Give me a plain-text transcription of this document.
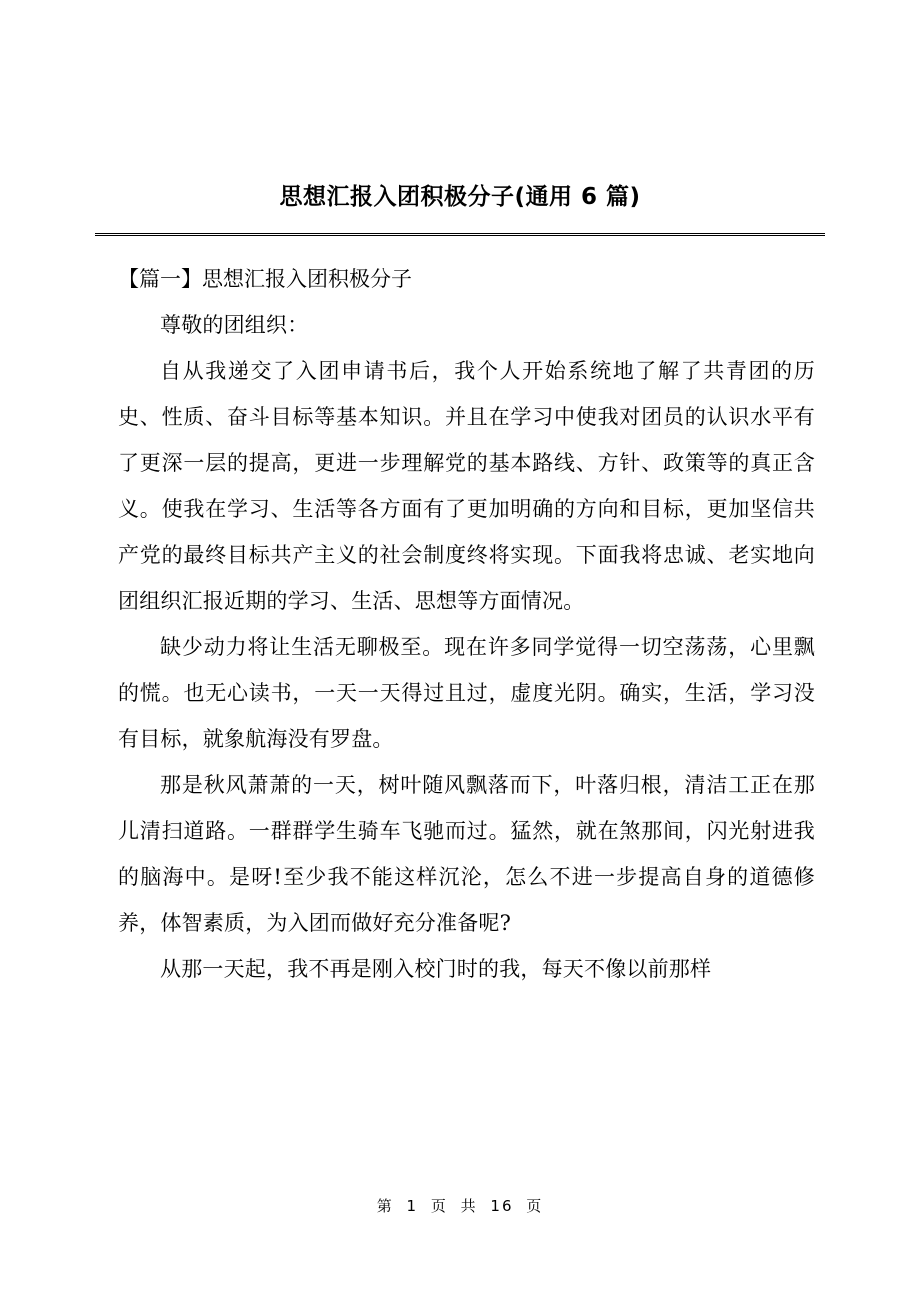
思想汇报入团积极分子(通用 6 篇)
【篇一】思想汇报入团积极分子

尊敬的团组织：

自从我递交了入团申请书后，我个人开始系统地了解了共青团的历史、性质、奋斗目标等基本知识。并且在学习中使我对团员的认识水平有了更深一层的提高，更进一步理解党的基本路线、方针、政策等的真正含义。使我在学习、生活等各方面有了更加明确的方向和目标，更加坚信共产党的最终目标共产主义的社会制度终将实现。下面我将忠诚、老实地向团组织汇报近期的学习、生活、思想等方面情况。

缺少动力将让生活无聊极至。现在许多同学觉得一切空荡荡，心里飘的慌。也无心读书，一天一天得过且过，虚度光阴。确实，生活，学习没有目标，就象航海没有罗盘。

那是秋风萧萧的一天，树叶随风飘落而下，叶落归根，清洁工正在那儿清扫道路。一群群学生骑车飞驰而过。猛然，就在煞那间，闪光射进我的脑海中。是呀!至少我不能这样沉沦，怎么不进一步提高自身的道德修养，体智素质，为入团而做好充分准备呢?

从那一天起，我不再是刚入校门时的我，每天不像以前那样

第 1 页 共 16 页
